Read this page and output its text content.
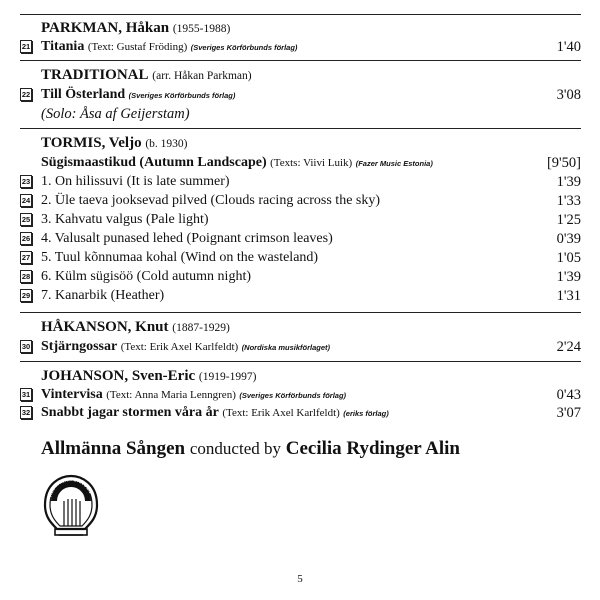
PARKMAN, Håkan (1955-1988)
21 Titania (Text: Gustaf Fröding) (Sveriges Körförbunds förlag)	1'40
TRADITIONAL (arr. Håkan Parkman)
22 Till Österland (Sveriges Körförbunds förlag)	3'08
(Solo: Åsa af Geijerstam)
TORMIS, Veljo (b. 1930)
Sügismaastikud (Autumn Landscape) (Texts: Viivi Luik) (Fazer Music Estonia)	[9'50]
23 1. On hilissuvi (It is late summer)	1'39
24 2. Üle taeva jooksevad pilved (Clouds racing across the sky)	1'33
25 3. Kahvatu valgus (Pale light)	1'25
26 4. Valusalt punased lehed (Poignant crimson leaves)	0'39
27 5. Tuul kõnnumaa kohal (Wind on the wasteland)	1'05
28 6. Külm sügisöö (Cold autumn night)	1'39
29 7. Kanarbik (Heather)	1'31
HÅKANSON, Knut (1887-1929)
30 Stjärngossar (Text: Erik Axel Karlfeldt) (Nordiska musikförlaget)	2'24
JOHANSON, Sven-Eric (1919-1997)
31 Vintervisa (Text: Anna Maria Lenngren) (Sveriges Körförbunds förlag)	0'43
32 Snabbt jagar stormen våra år (Text: Erik Axel Karlfeldt) (eriks förlag)	3'07
Allmänna Sången conducted by Cecilia Rydinger Alin
ALLMÄNNA SÅNGEN
5
